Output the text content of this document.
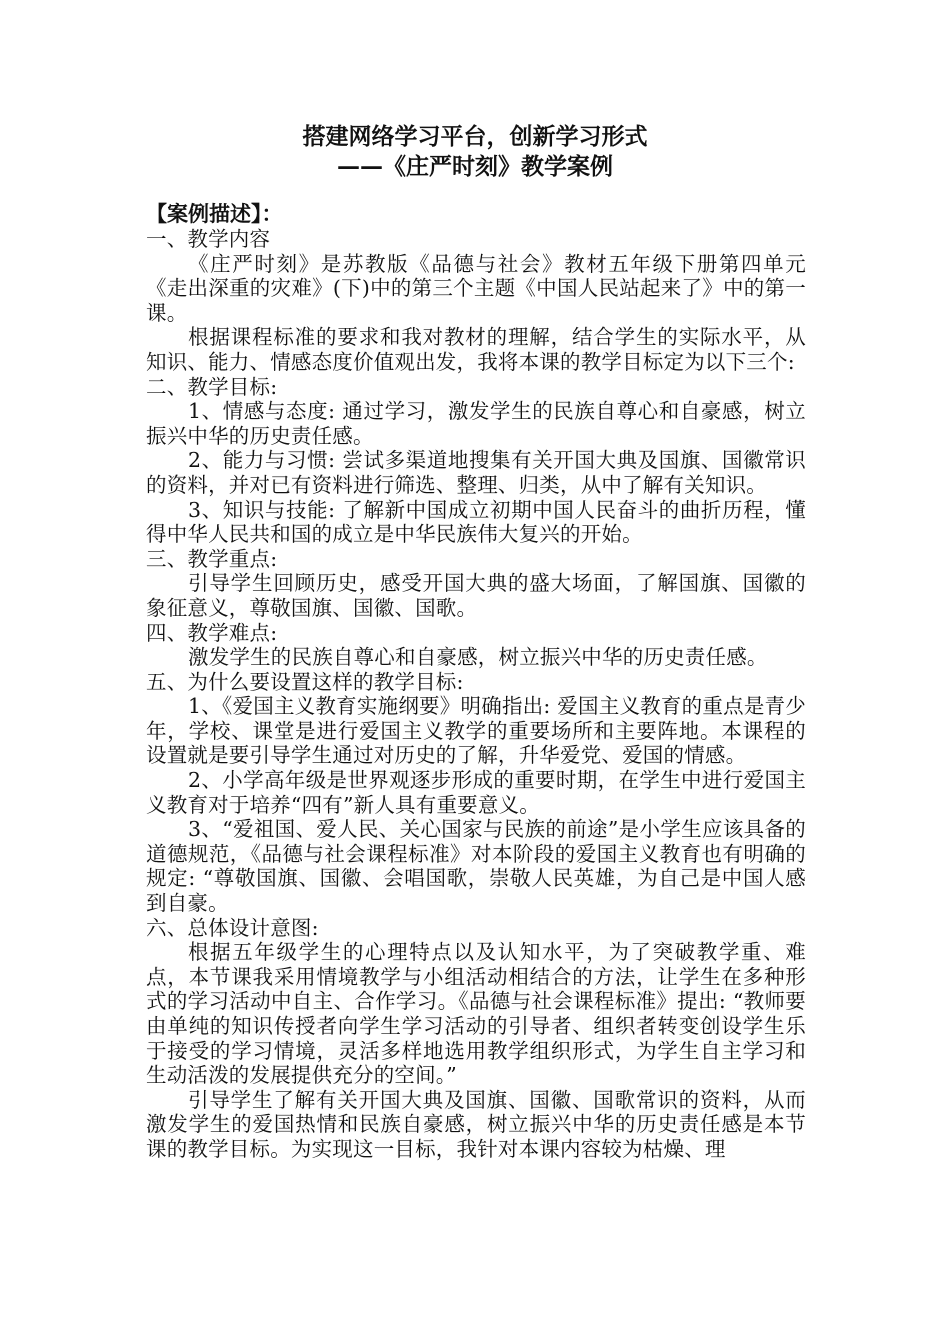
搭建网络学习平台，创新学习形式
——《庄严时刻》教学案例
【案例描述】：

一、教学内容

《庄严时刻》是苏教版《品德与社会》教材五年级下册第四单元《走出深重的灾难》(下)中的第三个主题《中国人民站起来了》中的第一课。

根据课程标准的要求和我对教材的理解，结合学生的实际水平，从知识、能力、情感态度价值观出发，我将本课的教学目标定为以下三个:

二、教学目标:

1、情感与态度: 通过学习，激发学生的民族自尊心和自豪感，树立振兴中华的历史责任感。

2、能力与习惯: 尝试多渠道地搜集有关开国大典及国旗、国徽常识的资料，并对已有资料进行筛选、整理、归类，从中了解有关知识。

3、知识与技能: 了解新中国成立初期中国人民奋斗的曲折历程，懂得中华人民共和国的成立是中华民族伟大复兴的开始。

三、教学重点:

引导学生回顾历史，感受开国大典的盛大场面，了解国旗、国徽的象征意义，尊敬国旗、国徽、国歌。

四、教学难点:

激发学生的民族自尊心和自豪感，树立振兴中华的历史责任感。

五、为什么要设置这样的教学目标:

1、《爱国主义教育实施纲要》明确指出: 爱国主义教育的重点是青少年，学校、课堂是进行爱国主义教学的重要场所和主要阵地。本课程的设置就是要引导学生通过对历史的了解，升华爱党、爱国的情感。

2、小学高年级是世界观逐步形成的重要时期，在学生中进行爱国主义教育对于培养“四有”新人具有重要意义。

3、“爱祖国、爱人民、关心国家与民族的前途”是小学生应该具备的道德规范，《品德与社会课程标准》对本阶段的爱国主义教育也有明确的规定: “尊敬国旗、国徽、会唱国歌，崇敬人民英雄，为自己是中国人感到自豪。

六、总体设计意图:

根据五年级学生的心理特点以及认知水平，为了突破教学重、难点，本节课我采用情境教学与小组活动相结合的方法，让学生在多种形式的学习活动中自主、合作学习。《品德与社会课程标准》提出: “教师要由单纯的知识传授者向学生学习活动的引导者、组织者转变创设学生乐于接受的学习情境，灵活多样地选用教学组织形式，为学生自主学习和生动活泼的发展提供充分的空间。”

引导学生了解有关开国大典及国旗、国徽、国歌常识的资料，从而激发学生的爱国热情和民族自豪感，树立振兴中华的历史责任感是本节课的教学目标。为实现这一目标，我针对本课内容较为枯燥、理
